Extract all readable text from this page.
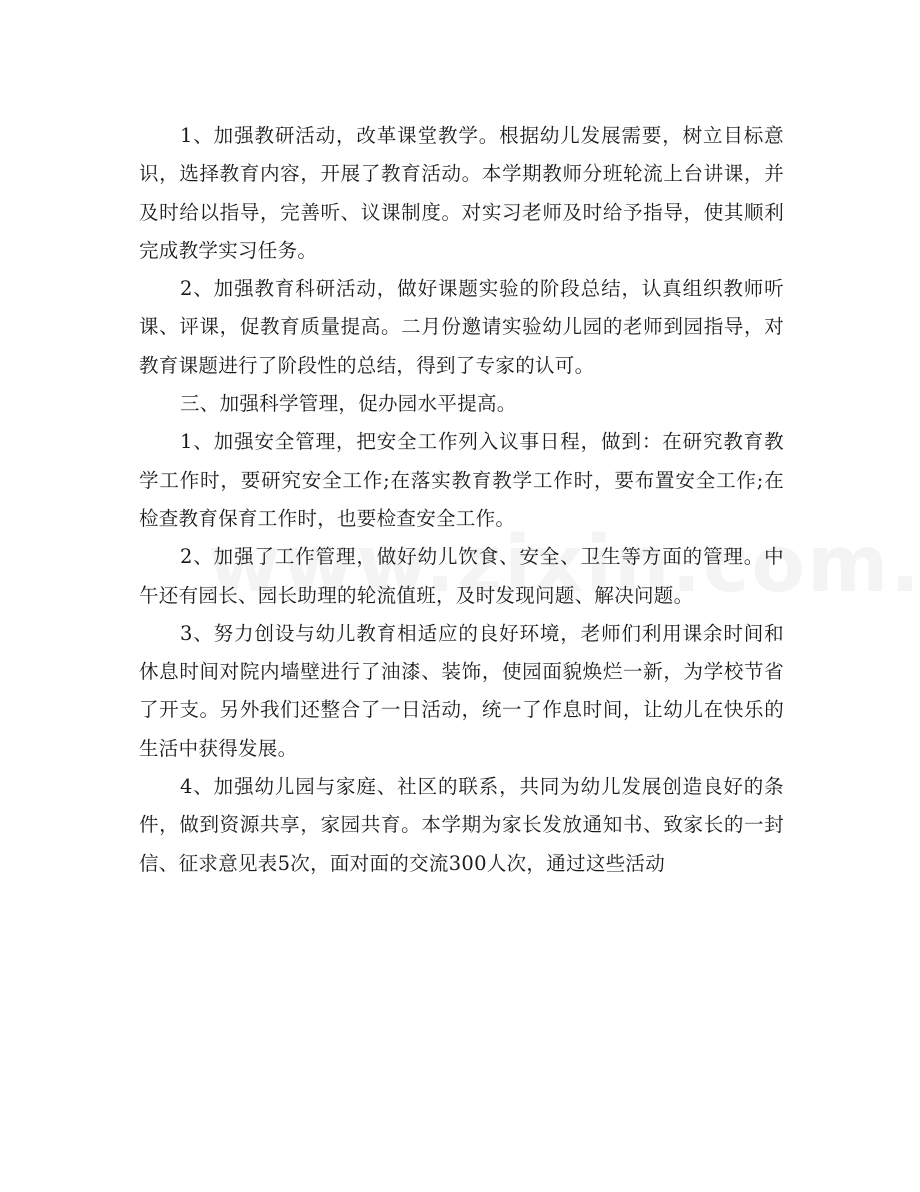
1、加强教研活动，改革课堂教学。根据幼儿发展需要，树立目标意识，选择教育内容，开展了教育活动。本学期教师分班轮流上台讲课，并及时给以指导，完善听、议课制度。对实习老师及时给予指导，使其顺利完成教学实习任务。

2、加强教育科研活动，做好课题实验的阶段总结，认真组织教师听课、评课，促教育质量提高。二月份邀请实验幼儿园的老师到园指导，对教育课题进行了阶段性的总结，得到了专家的认可。

三、加强科学管理，促办园水平提高。

1、加强安全管理，把安全工作列入议事日程，做到：在研究教育教学工作时，要研究安全工作;在落实教育教学工作时，要布置安全工作;在检查教育保育工作时，也要检查安全工作。

2、加强了工作管理，做好幼儿饮食、安全、卫生等方面的管理。中午还有园长、园长助理的轮流值班，及时发现问题、解决问题。

3、努力创设与幼儿教育相适应的良好环境，老师们利用课余时间和休息时间对院内墙壁进行了油漆、装饰，使园面貌焕烂一新，为学校节省了开支。另外我们还整合了一日活动，统一了作息时间，让幼儿在快乐的生活中获得发展。

4、加强幼儿园与家庭、社区的联系，共同为幼儿发展创造良好的条件，做到资源共享，家园共育。本学期为家长发放通知书、致家长的一封信、征求意见表5次，面对面的交流300人次，通过这些活动
